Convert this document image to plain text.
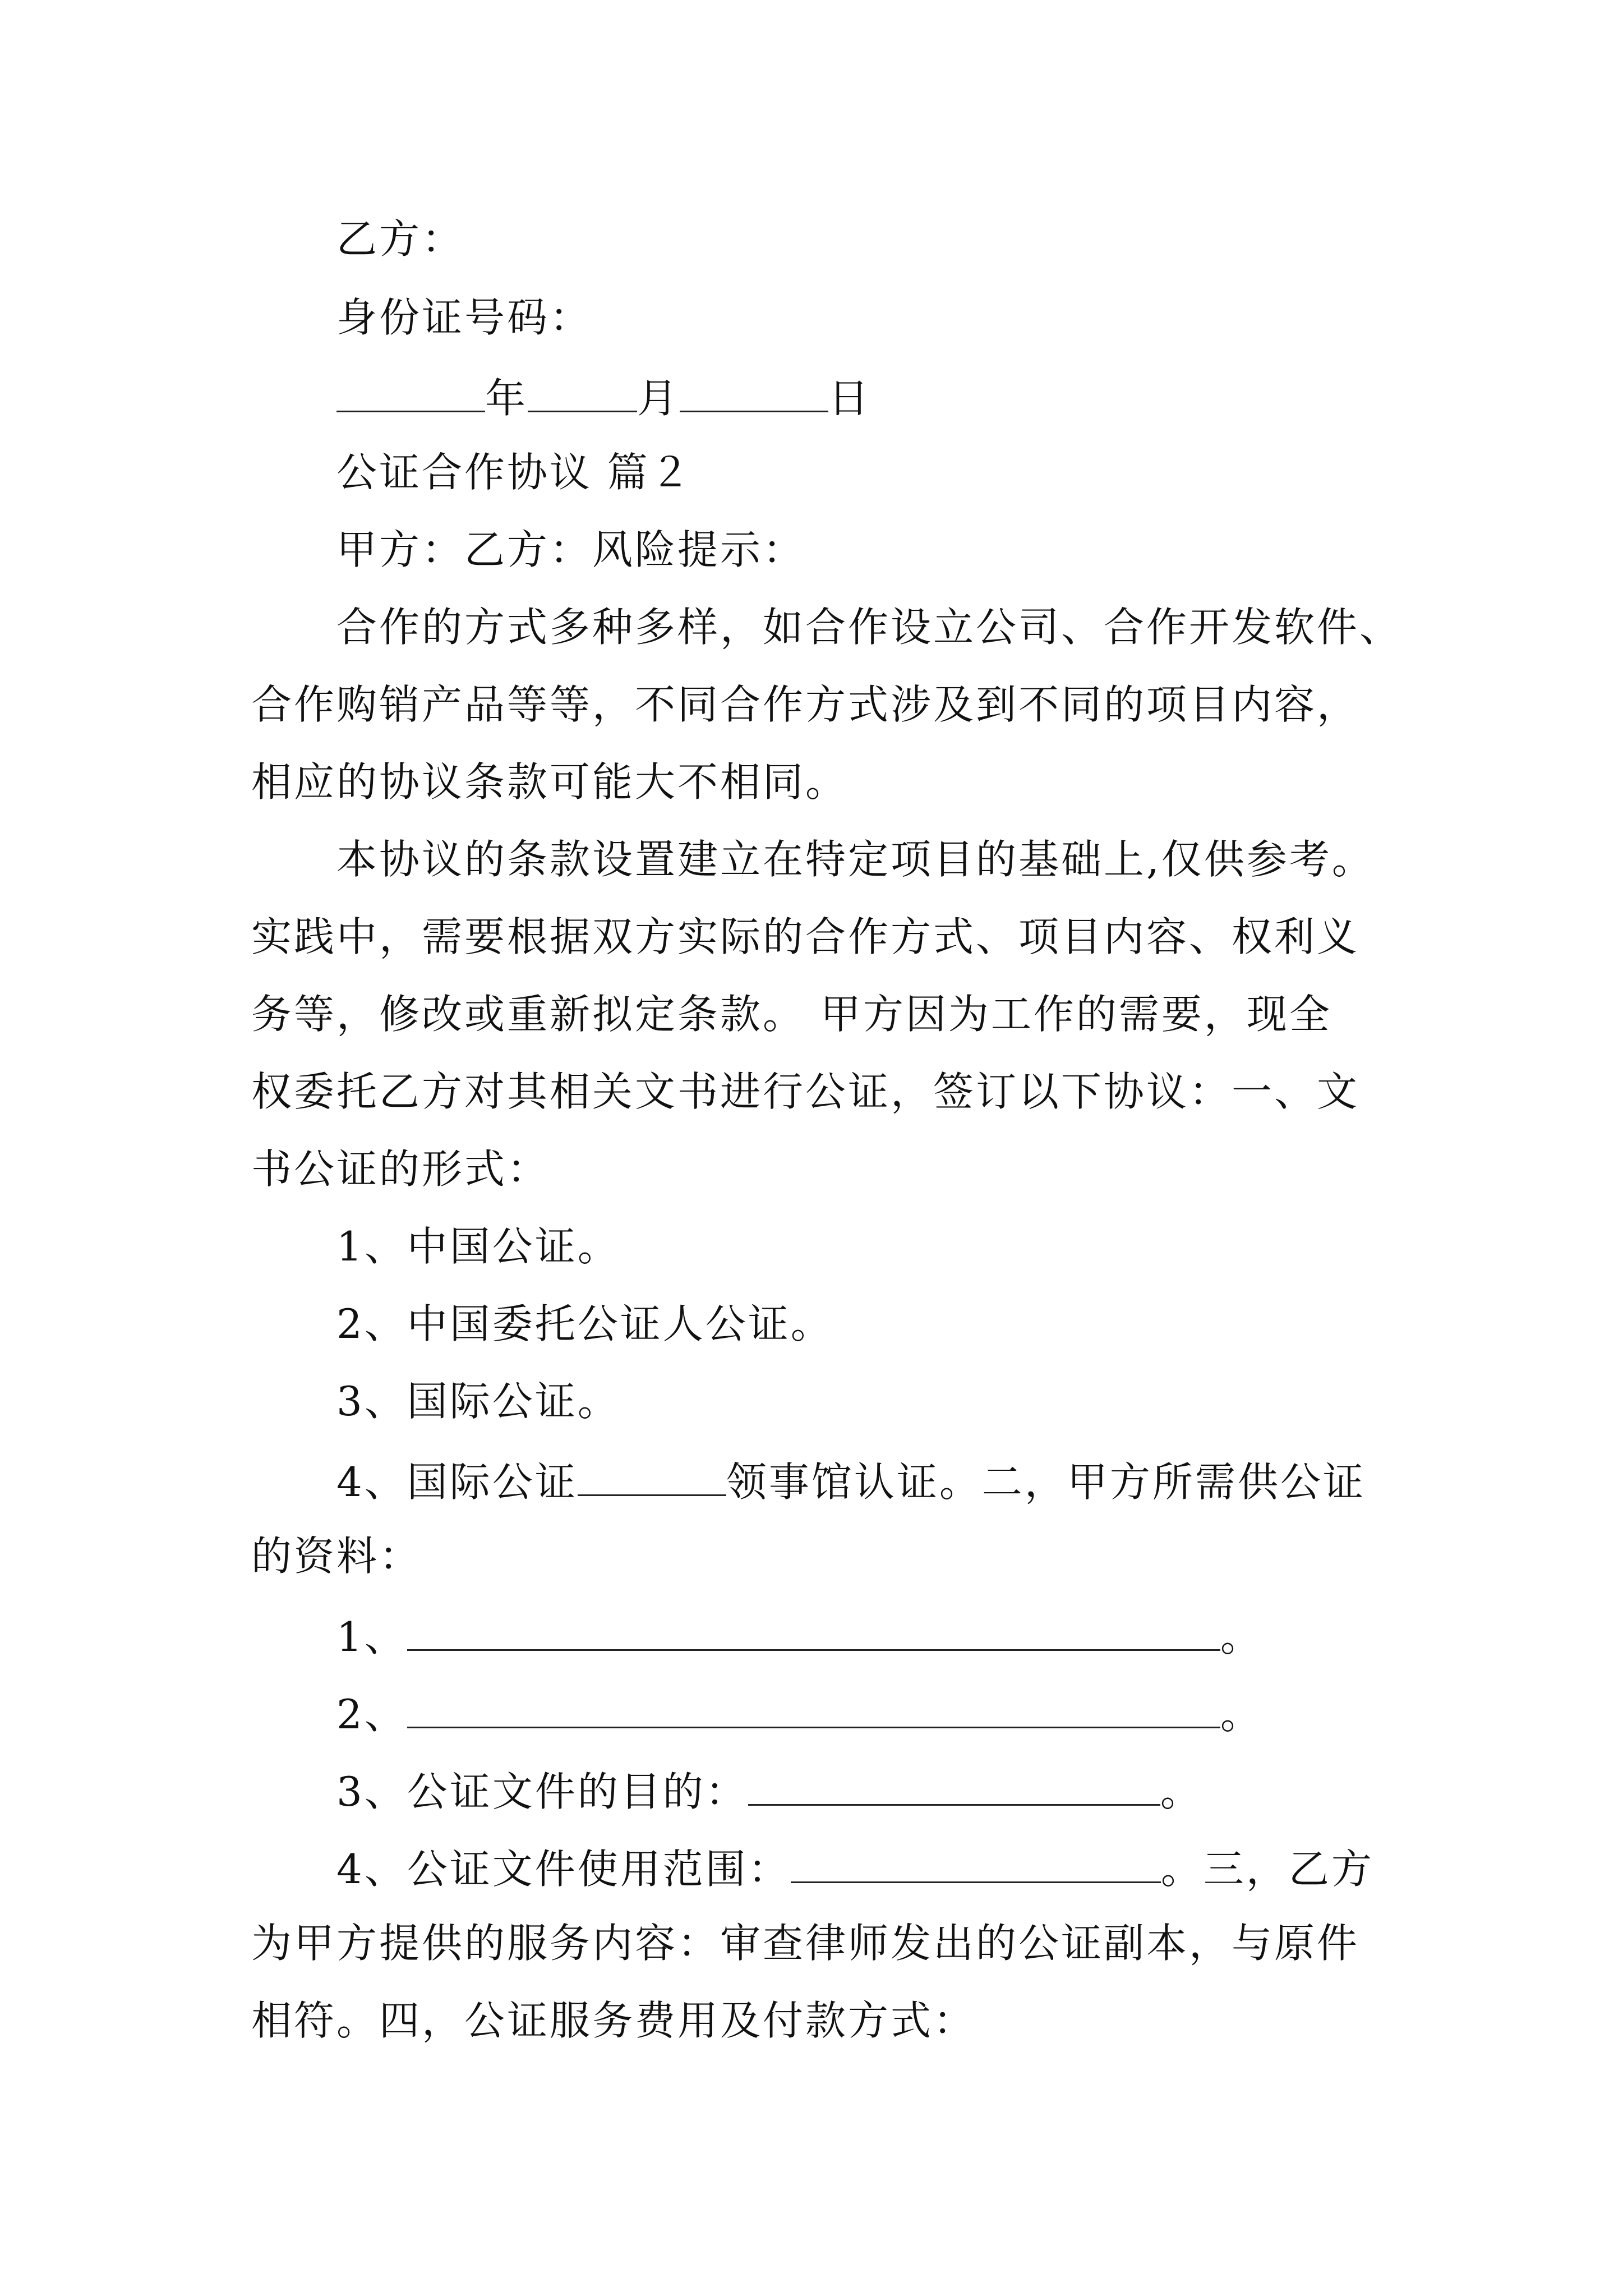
乙方：
身份证号码：
年	月	日
公证合作协议 篇２
甲方：乙方：风险提示：
合作的方式多种多样，如合作设立公司、合作开发软件、
合作购销产品等等，不同合作方式涉及到不同的项目内容，
相应的协议条款可能大不相同。
本协议的条款设置建立在特定项目的基础上,仅供参考。
实践中，需要根据双方实际的合作方式、项目内容、权利义
务等，修改或重新拟定条款。 甲方因为工作的需要，现全
权委托乙方对其相关文书进行公证，签订以下协议：一、文
书公证的形式：
1、中国公证。
2、中国委托公证人公证。
3、国际公证。
4、国际公证	领事馆认证。二，甲方所需供公证
的资料：
1、	。
2、	。
3、公证文件的目的：	。
4、公证文件使用范围：	。三，乙方
为甲方提供的服务内容：审查律师发出的公证副本，与原件
相符。四，公证服务费用及付款方式：
